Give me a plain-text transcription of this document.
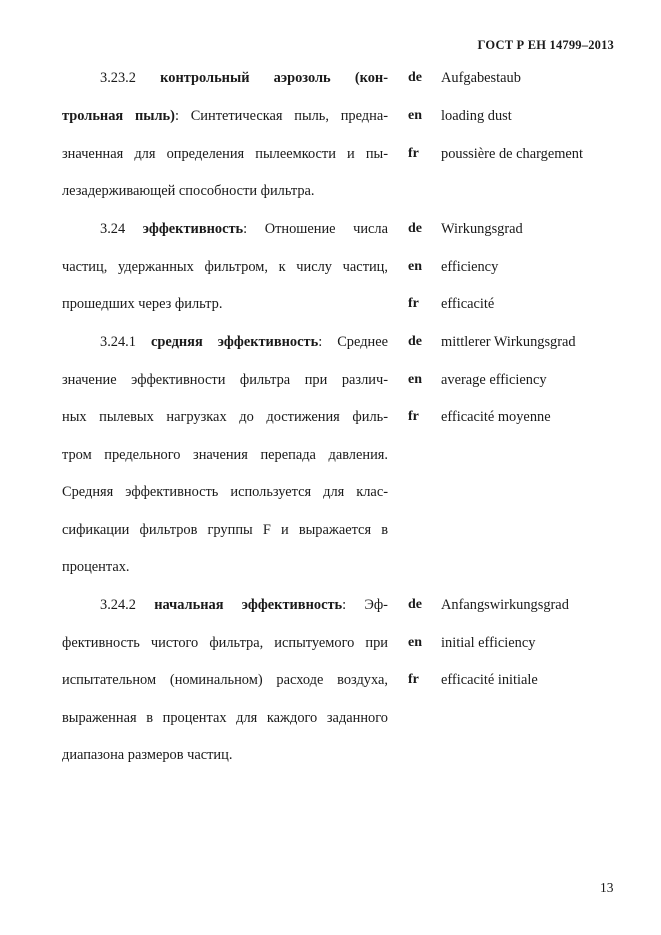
ГОСТ Р ЕН 14799–2013
3.23.2 контрольный аэрозоль (кон-
трольная пыль): Синтетическая пыль, предна-
значенная для определения пылеемкости и пы-
лезадерживающей способности фильтра.
de	Aufgabestaub
en	loading dust
fr	poussière de chargement
3.24 эффективность: Отношение числа
частиц, удержанных фильтром, к числу частиц,
прошедших через фильтр.
de	Wirkungsgrad
en	efficiency
fr	efficacité
3.24.1 средняя эффективность: Среднее
значение эффективности фильтра при различ-
ных пылевых нагрузках до достижения филь-
тром предельного значения перепада давления.
Средняя эффективность используется для клас-
сификации фильтров группы F и выражается в
процентах.
de	mittlerer Wirkungsgrad
en	average efficiency
fr	efficacité moyenne
3.24.2 начальная эффективность: Эф-
фективность чистого фильтра, испытуемого при
испытательном (номинальном) расходе воздуха,
выраженная в процентах для каждого заданного
диапазона размеров частиц.
de	Anfangswirkungsgrad
en	initial efficiency
fr	efficacité initiale
13
